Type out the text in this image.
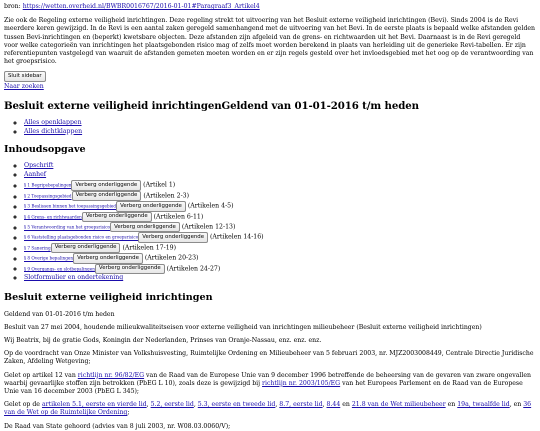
bron: https://wetten.overheid.nl/BWBR0016767/2016-01-01#Paragraaf3_Artikel4

Zie ook de Regeling externe veiligheid inrichtingen. Deze regeling strekt tot uitvoering van het Besluit externe veiligheid inrichtingen (Bevi). Sinds 2004 is de Revi meerdere keren gewijzigd. In de Revi is een aantal zaken geregeld samenhangend met de uitvoering van het Bevi. In de eerste plaats is bepaald welke afstanden gelden tussen Bevi-inrichtingen en (beperkt) kwetsbare objecten. Deze afstanden zijn afgeleid van de grens- en richtwaarden uit het Bevi. Daarnaast is in de Revi geregeld voor welke categorieën van inrichtingen het plaatsgebonden risico mag of zelfs moet worden berekend in plaats van herleiding uit de generieke Revi-tabellen. Er zijn referentiepunten vastgelegd van waaruit de afstanden gemeten moeten worden en er zijn regels gesteld over het invloedsgebied met het oog op de verantwoording van het groepsrisico.

Sluit sidebar
Naar zoeken
Besluit externe veiligheid inrichtingenGeldend van 01-01-2016 t/m heden
◦ Alles openklappen
◦ Alles dichtklappen
Inhoudsopgave
◦ Opschrift
◦ Aanhef
◦ § 1 Begripsbepalingen Verberg onderliggende (Artikel 1)
◦ § 2 Toepassingsgebied Verberg onderliggende (Artikelen 2-3)
◦ § 3 Beslissen binnen het toepassingsgebied Verberg onderliggende (Artikelen 4-5)
◦ § 4 Grens- en richtwaarden Verberg onderliggende (Artikelen 6-11)
◦ § 5 Verantwoording van het groepsrisico Verberg onderliggende (Artikelen 12-13)
◦ § 6 Vaststelling plaatsgebonden risico en groepsrisico Verberg onderliggende (Artikelen 14-16)
◦ § 7 Sanering Verberg onderliggende (Artikelen 17-19)
◦ § 8 Overige bepalingen Verberg onderliggende (Artikelen 20-23)
◦ § 9 Overgangs- en slotbepalingen Verberg onderliggende (Artikelen 24-27)
◦ Slotformulier en ondertekening
Besluit externe veiligheid inrichtingen

Geldend van 01-01-2016 t/m heden

Besluit van 27 mei 2004, houdende milieukwaliteitseisen voor externe veiligheid van inrichtingen milieubeheer (Besluit externe veiligheid inrichtingen)

Wij Beatrix, bij de gratie Gods, Koningin der Nederlanden, Prinses van Oranje-Nassau, enz. enz. enz.

Op de voordracht van Onze Minister van Volkshuisvesting, Ruimtelijke Ordening en Milieubeheer van 5 februari 2003, nr. MJZ2003008449, Centrale Directie Juridische Zaken, Afdeling Wetgeving;

Gelet op artikel 12 van richtlijn nr. 96/82/EG van de Raad van de Europese Unie van 9 december 1996 betreffende de beheersing van de gevaren van zware ongevallen waarbij gevaarlijke stoffen zijn betrokken (PbEG L 10), zoals deze is gewijzigd bij richtlijn nr. 2003/105/EG van het Europees Parlement en de Raad van de Europese Unie van 16 december 2003 (PbEG L 345);

Gelet op de artikelen 5.1, eerste en vierde lid, 5.2, eerste lid, 5.3, eerste en tweede lid, 8.7, eerste lid, 8.44 en 21.8 van de Wet milieubeheer en 19a, twaalfde lid, en 36 van de Wet op de Ruimtelijke Ordening;

De Raad van State gehoord (advies van 8 juli 2003, nr. W08.03.0060/V);
